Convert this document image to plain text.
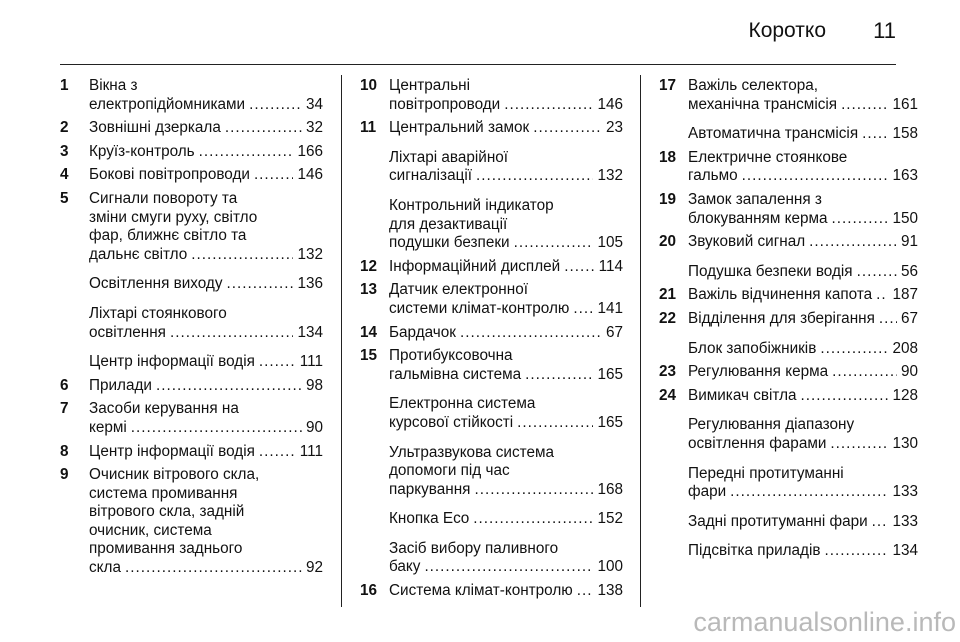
Коротко 11
1 Вікна з
електропідйомниками .....	34
2 Зовнішні дзеркала .....	32
3 Круїз-контроль .....	166
4 Бокові повітропроводи .....	146
5 Сигнали повороту та
зміни смуги руху, світло
фар, ближнє світло та
дальнє світло .....	132
Освітлення виходу .....	136
Ліхтарі стоянкового
освітлення .....	134
Центр інформації водія .....	111
6 Прилади .....	98
7 Засоби керування на
кермі .....	90
8 Центр інформації водія .....	111
9 Очисник вітрового скла,
система промивання
вітрового скла, задній
очисник, система
промивання заднього
скла .....	92
10 Центральні
повітропроводи .....	146
11 Центральний замок .....	23
Ліхтарі аварійної
сигналізації .....	132
Контрольний індикатор
для дезактивації
подушки безпеки .....	105
12 Інформаційний дисплей .....	114
13 Датчик електронної
системи клімат-контролю ..... 141
14 Бардачок .....	67
15 Протибуксовочна
гальмівна система .....	165
Електронна система
курсової стійкості .....	165
Ультразвукова система
допомоги під час
паркування .....	168
Кнопка Eco .....	152
Засіб вибору паливного
баку .....	100
16 Система клімат-контролю ..... 138
17 Важіль селектора,
механічна трансмісія .....	161
Автоматична трансмісія ..... 158
18 Електричне стоянкове
гальмо .....	163
19 Замок запалення з
блокуванням керма .....	150
20 Звуковий сигнал .....	91
Подушка безпеки водія .....	56
21 Важіль відчинення капота ..... 187
22 Відділення для зберігання ..... 67
Блок запобіжників .....	208
23 Регулювання керма .....	90
24 Вимикач світла .....	128
Регулювання діапазону
освітлення фарами .....	130
Передні протитуманні
фари .....	133
Задні протитуманні фари ..... 133
Підсвітка приладів .....	134
carmanualsonline.info
